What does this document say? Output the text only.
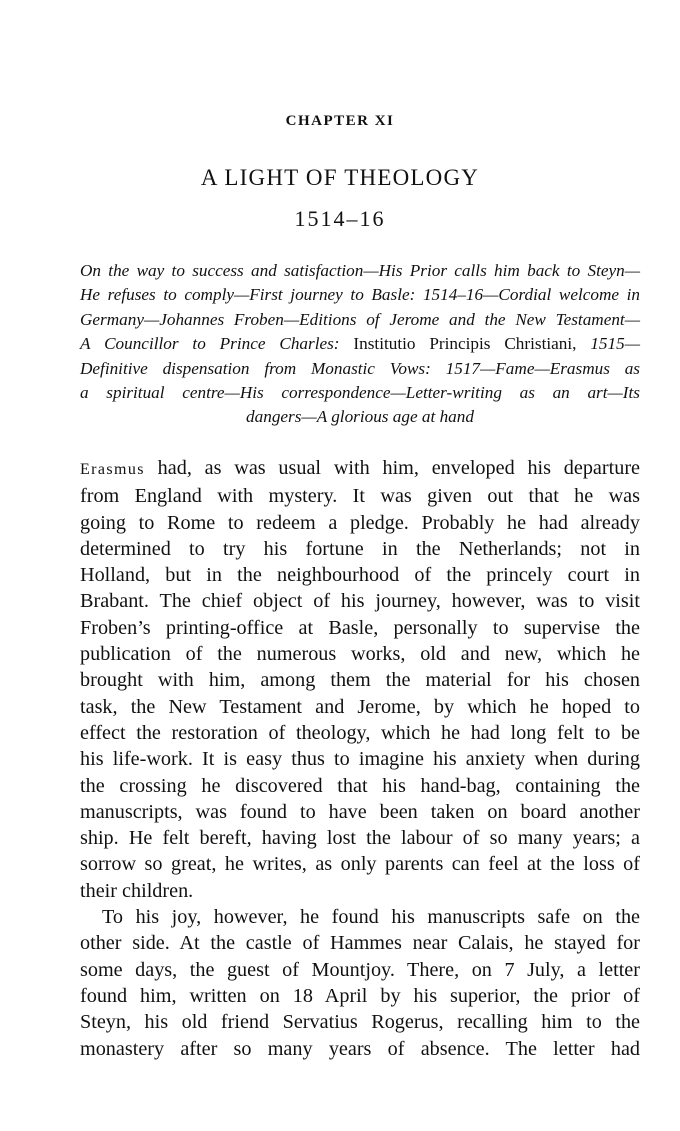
CHAPTER XI
A LIGHT OF THEOLOGY
1514–16
On the way to success and satisfaction—His Prior calls him back to Steyn—
He refuses to comply—First journey to Basle: 1514–16—Cordial welcome in
Germany—Johannes Froben—Editions of Jerome and the New Testament—
A Councillor to Prince Charles: Institutio Principis Christiani, 1515—
Definitive dispensation from Monastic Vows: 1517—Fame—Erasmus as
a spiritual centre—His correspondence—Letter-writing as an art—Its
dangers—A glorious age at hand
Erasmus had, as was usual with him, enveloped his departure
from England with mystery. It was given out that he was
going to Rome to redeem a pledge. Probably he had already
determined to try his fortune in the Netherlands; not in
Holland, but in the neighbourhood of the princely court in
Brabant. The chief object of his journey, however, was to visit
Froben’s printing-office at Basle, personally to supervise the
publication of the numerous works, old and new, which he
brought with him, among them the material for his chosen
task, the New Testament and Jerome, by which he hoped to
effect the restoration of theology, which he had long felt to be
his life-work. It is easy thus to imagine his anxiety when during
the crossing he discovered that his hand-bag, containing the
manuscripts, was found to have been taken on board another
ship. He felt bereft, having lost the labour of so many years; a
sorrow so great, he writes, as only parents can feel at the loss of
their children.
To his joy, however, he found his manuscripts safe on the
other side. At the castle of Hammes near Calais, he stayed for
some days, the guest of Mountjoy. There, on 7 July, a letter
found him, written on 18 April by his superior, the prior of
Steyn, his old friend Servatius Rogerus, recalling him to the
monastery after so many years of absence. The letter had
